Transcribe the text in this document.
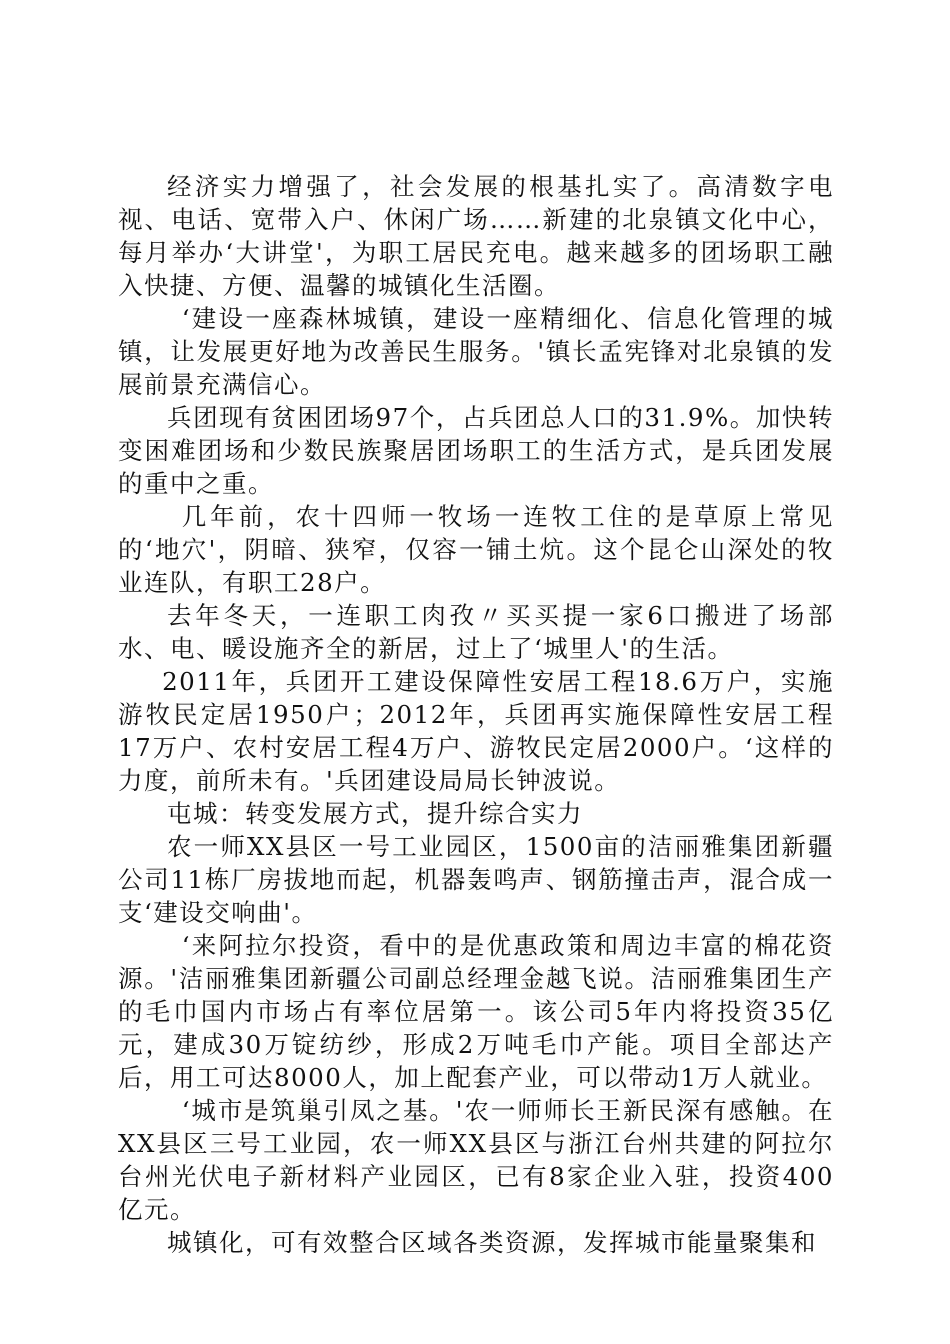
经济实力增强了，社会发展的根基扎实了。高清数字电视、电话、宽带入户、休闲广场……新建的北泉镇文化中心，每月举办‘大讲堂'，为职工居民充电。越来越多的团场职工融入快捷、方便、温馨的城镇化生活圈。

‘建设一座森林城镇，建设一座精细化、信息化管理的城镇，让发展更好地为改善民生服务。'镇长孟宪锋对北泉镇的发展前景充满信心。

兵团现有贫困团场97个，占兵团总人口的31.9%。加快转变困难团场和少数民族聚居团场职工的生活方式，是兵团发展的重中之重。

几年前，农十四师一牧场一连牧工住的是草原上常见的‘地穴'，阴暗、狭窄，仅容一铺土炕。这个昆仑山深处的牧业连队，有职工28户。

去年冬天，一连职工肉孜〃买买提一家6口搬进了场部水、电、暖设施齐全的新居，过上了‘城里人'的生活。

2011年，兵团开工建设保障性安居工程18.6万户，实施游牧民定居1950户；2012年，兵团再实施保障性安居工程17万户、农村安居工程4万户、游牧民定居2000户。‘这样的力度，前所未有。'兵团建设局局长钟波说。

屯城：转变发展方式，提升综合实力

农一师XX县区一号工业园区，1500亩的洁丽雅集团新疆公司11栋厂房拔地而起，机器轰鸣声、钢筋撞击声，混合成一支‘建设交响曲'。

‘来阿拉尔投资，看中的是优惠政策和周边丰富的棉花资源。'洁丽雅集团新疆公司副总经理金越飞说。洁丽雅集团生产的毛巾国内市场占有率位居第一。该公司5年内将投资35亿元，建成30万锭纺纱，形成2万吨毛巾产能。项目全部达产后，用工可达8000人，加上配套产业，可以带动1万人就业。

‘城市是筑巢引凤之基。'农一师师长王新民深有感触。在XX县区三号工业园，农一师XX县区与浙江台州共建的阿拉尔台州光伏电子新材料产业园区，已有8家企业入驻，投资400亿元。

城镇化，可有效整合区域各类资源，发挥城市能量聚集和
